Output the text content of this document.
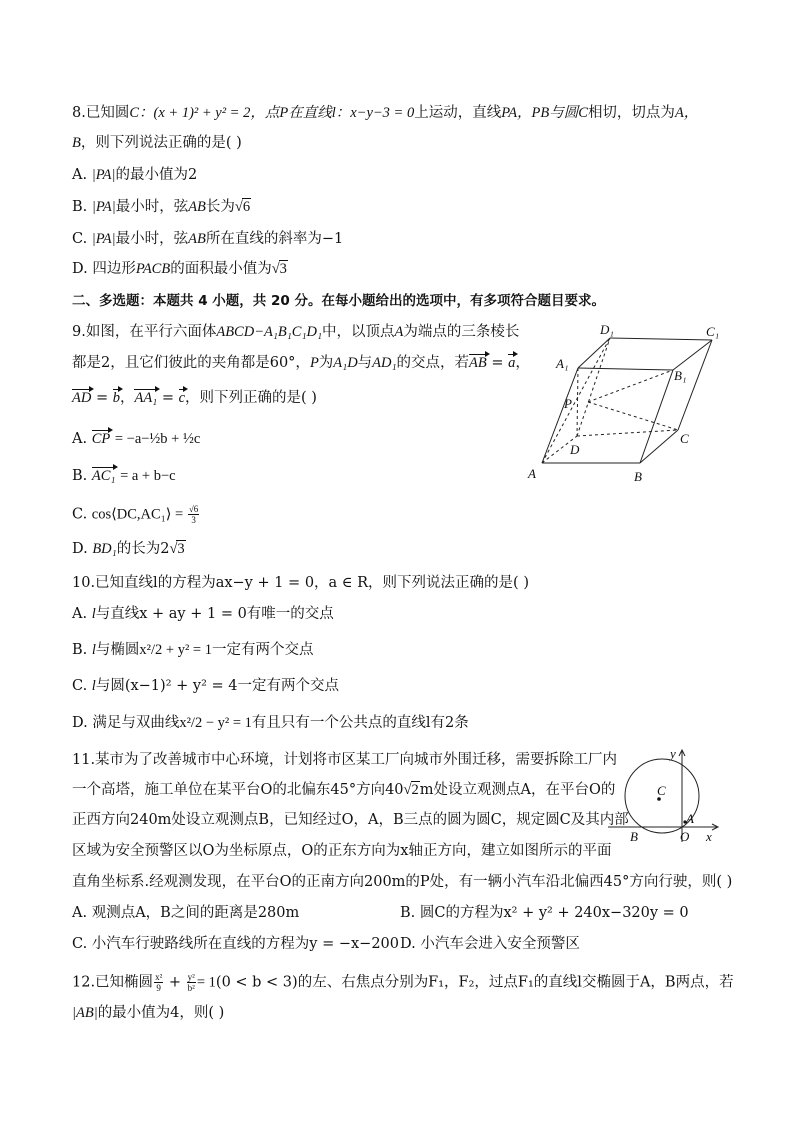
8.已知圆C：(x + 1)² + y² = 2，点P在直线l：x−y−3 = 0上运动，直线PA，PB与圆C相切，切点为A，
B，则下列说法正确的是( )
A. |PA|的最小值为2
B. |PA|最小时，弦AB长为√6
C. |PA|最小时，弦AB所在直线的斜率为−1
D. 四边形PACB的面积最小值为√3
二、多选题：本题共 4 小题，共 20 分。在每小题给出的选项中，有多项符合题目要求。
9.如图，在平行六面体ABCD−A₁B₁C₁D₁中，以顶点A为端点的三条棱长
都是2，且它们彼此的夹角都是60°，P为A₁D与AD₁的交点，若AB = a，
AD = b，AA₁ = c，则下列正确的是( )
A. CP = −a−½b + ½c
B. AC₁ = a + b−c
C. cos⟨DC,AC₁⟩ = $\frac{√6}{3}$
D. BD₁的长为2√3
D₁	C₁
A₁
B₁
P
D
C
A	B
10.已知直线l的方程为ax−y + 1 = 0，a ∈ R，则下列说法正确的是( )
A. l与直线x + ay + 1 = 0有唯一的交点
B. l与椭圆x²/2 + y² = 1一定有两个交点
C. l与圆(x−1)² + y² = 4一定有两个交点
D. 满足与双曲线x²/2 − y² = 1有且只有一个公共点的直线l有2条
11.某市为了改善城市中心环境，计划将市区某工厂向城市外围迁移，需要拆除工厂内
一个高塔，施工单位在某平台O的北偏东45°方向40√2m处设立观测点A，在平台O的
正西方向240m处设立观测点B，已知经过O，A，B三点的圆为圆C，规定圆C及其内部
区域为安全预警区以O为坐标原点，O的正东方向为x轴正方向，建立如图所示的平面
直角坐标系.经观测发现，在平台O的正南方向200m的P处，有一辆小汽车沿北偏西45°方向行驶，则( )
A. 观测点A，B之间的距离是280m	B. 圆C的方程为x² + y² + 240x−320y = 0
C. 小汽车行驶路线所在直线的方程为y = −x−200 D. 小汽车会进入安全预警区
y
C
A
B	O x
12.已知椭圆 $\frac{\text{x²}}{9} + \frac{\text{y²}}{\text{b²}} = 1(0 < b < 3)$的左、右焦点分别为F₁，F₂，过点F₁的直线l交椭圆于A，B两点，若
|AB|的最小值为4，则( )
